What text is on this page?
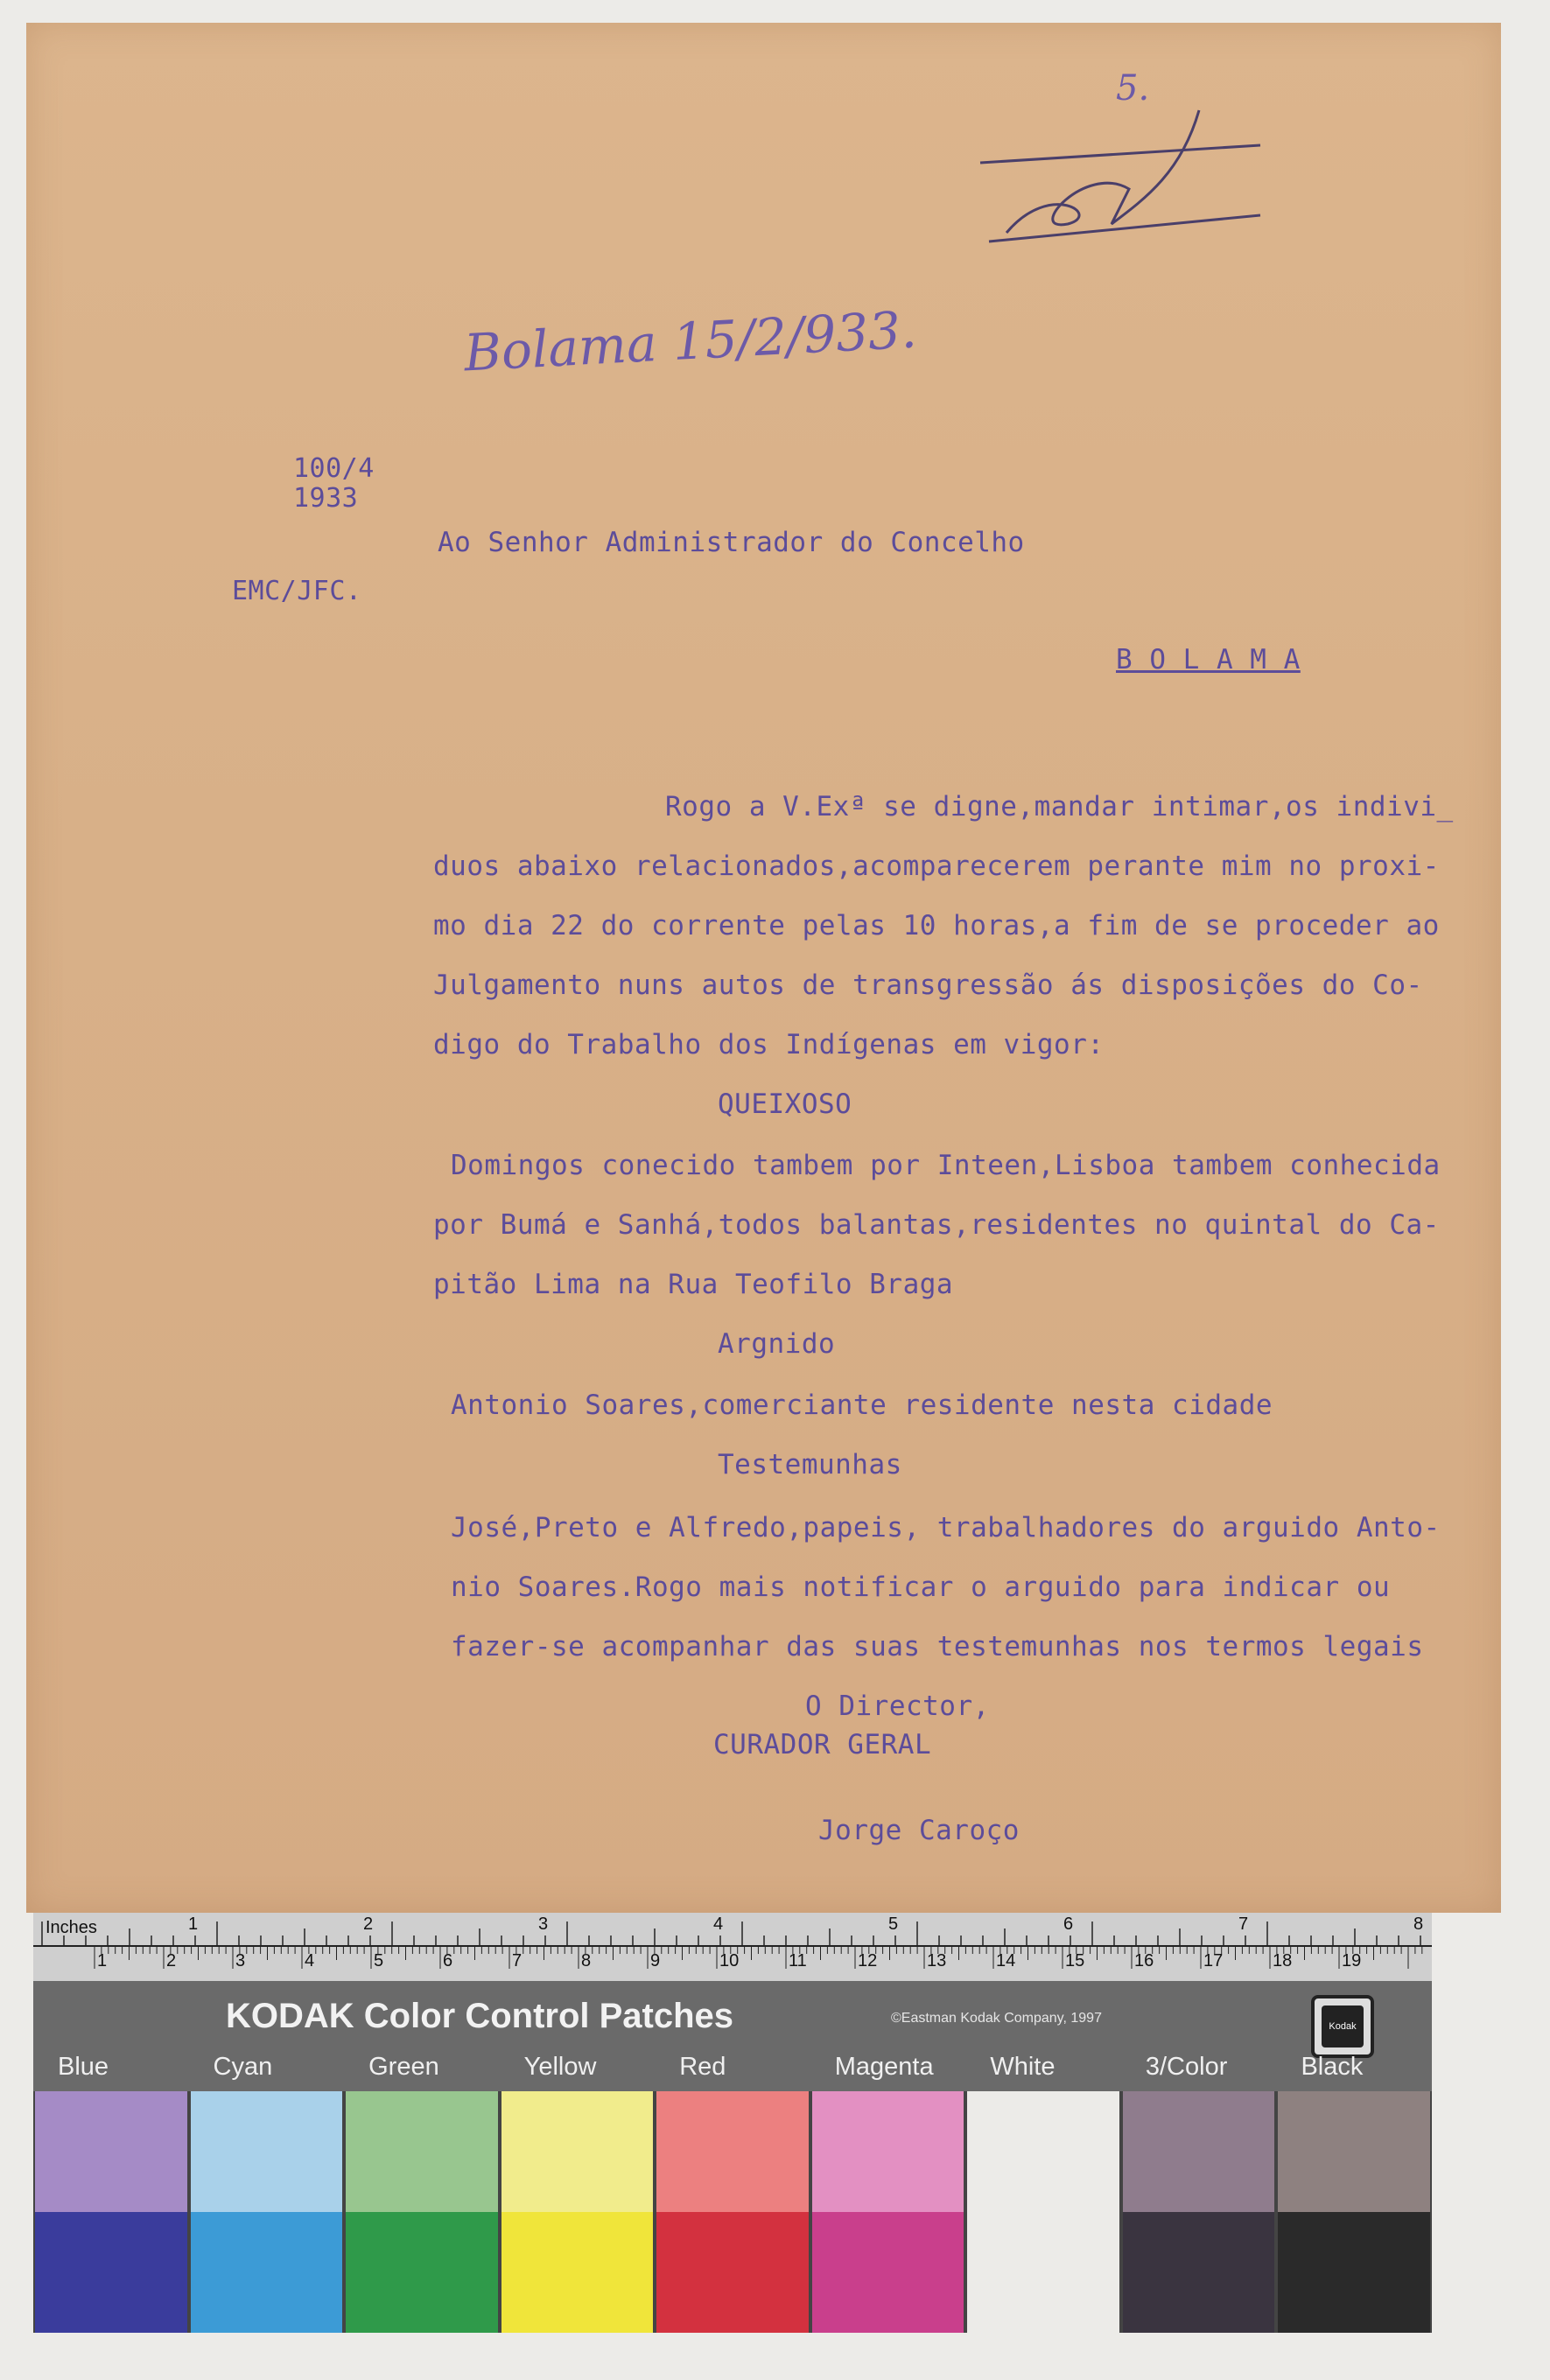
5.
Bolama 15/2/933.
100/4
1933
EMC/JFC.
Ao Senhor Administrador do Concelho
B O L A M A
Rogo a V.Exª se digne,mandar intimar,os indivi_
duos abaixo relacionados,acomparecerem perante mim no proxi-
mo dia 22 do corrente pelas 10 horas,a fim de se proceder ao
Julgamento nuns autos de transgressão ás disposições do Co-
digo do Trabalho dos Indígenas em vigor:
QUEIXOSO
Domingos conecido tambem por Inteen,Lisboa tambem conhecida
por Bumá e Sanhá,todos balantas,residentes no quintal do Ca-
pitão Lima na Rua Teofilo Braga
Argnido
Antonio Soares,comerciante residente nesta cidade
Testemunhas
José,Preto e Alfredo,papeis, trabalhadores do arguido Anto-
nio Soares.Rogo mais notificar o arguido para indicar ou
fazer-se acompanhar das suas testemunhas nos termos legais
O Director,
CURADOR GERAL
Jorge Caroço
Inches	1	2	3	4	5	6	7	8
1	2	3	4	5	6	7	8	9	10	11	12	13	14	15	16	17	18	19
KODAK Color Control Patches	©Eastman Kodak Company, 1997
Kodak
Blue	Cyan	Green	Yellow	Red	Magenta White	3/Color	Black
